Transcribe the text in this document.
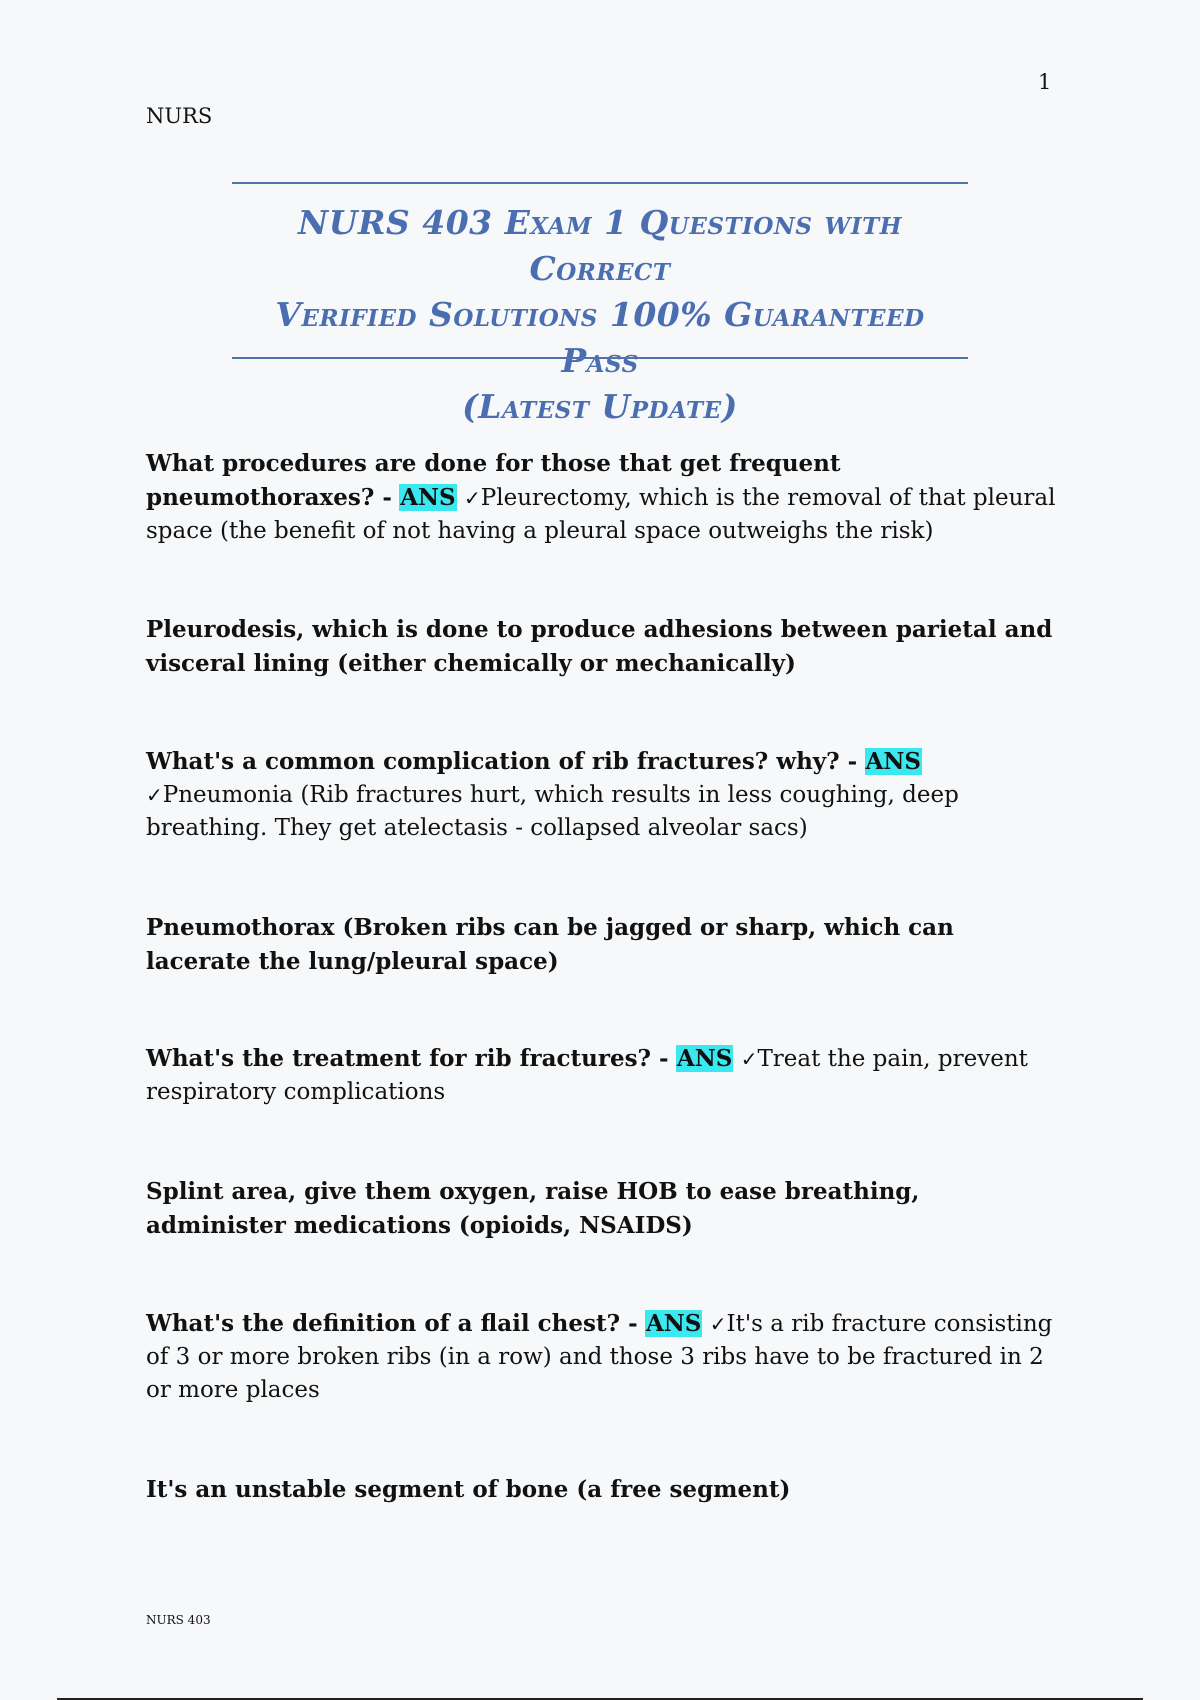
1
NURS
NURS 403 Exam 1 Questions with Correct
Verified Solutions 100% Guaranteed Pass
(Latest Update)

What procedures are done for those that get frequent pneumothoraxes? - ANS ✓Pleurectomy, which is the removal of that pleural space (the benefit of not having a pleural space outweighs the risk)

Pleurodesis, which is done to produce adhesions between parietal and visceral lining (either chemically or mechanically)

What's a common complication of rib fractures? why? - ANS ✓Pneumonia (Rib fractures hurt, which results in less coughing, deep breathing. They get atelectasis - collapsed alveolar sacs)

Pneumothorax (Broken ribs can be jagged or sharp, which can lacerate the lung/pleural space)

What's the treatment for rib fractures? - ANS ✓Treat the pain, prevent respiratory complications

Splint area, give them oxygen, raise HOB to ease breathing, administer medications (opioids, NSAIDS)

What's the definition of a flail chest? - ANS ✓It's a rib fracture consisting of 3 or more broken ribs (in a row) and those 3 ribs have to be fractured in 2 or more places

It's an unstable segment of bone (a free segment)

NURS 403
